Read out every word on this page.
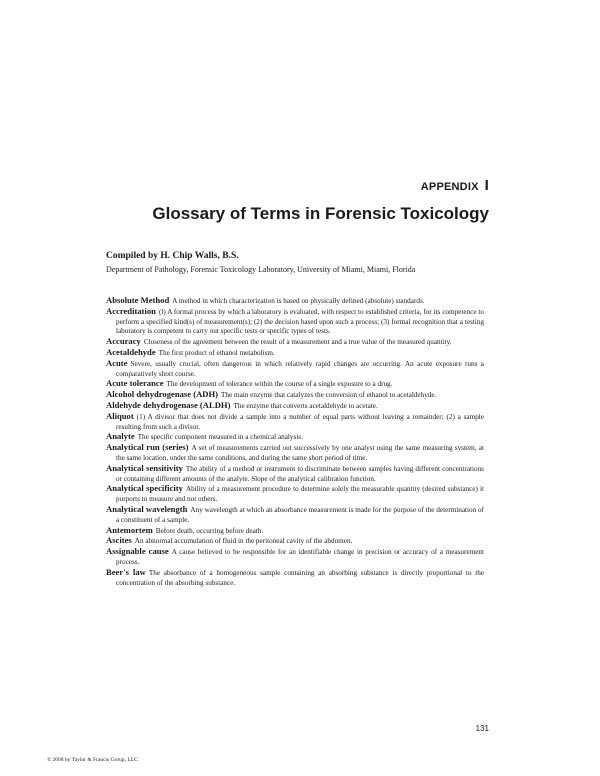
APPENDIX I
Glossary of Terms in Forensic Toxicology
Compiled by H. Chip Walls, B.S.
Department of Pathology, Forensic Toxicology Laboratory, University of Miami, Miami, Florida

Absolute Method A method in which characterization is based on physically defined (absolute) standards.

Accreditation (l) A formal process by which a laboratory is evaluated, with respect to established criteria, for its competence to perform a specified kind(s) of measurement(s); (2) the decision based upon such a process; (3) formal recognition that a testing laboratory is competent to carry out specific tests or specific types of tests.

Accuracy Closeness of the agreement between the result of a measurement and a true value of the measured quantity.

Acetaldehyde The first product of ethanol metabolism.

Acute Severe, usually crucial, often dangerous in which relatively rapid changes are occurring. An acute exposure runs a comparatively short course.

Acute tolerance The development of tolerance within the course of a single exposure to a drug.

Alcohol dehydrogenase (ADH) The main enzyme that catalyzes the conversion of ethanol to acetaldehyde.

Aldehyde dehydrogenase (ALDH) The enzyme that converts acetaldehyde to acetate.

Aliquot (1) A divisor that does not divide a sample into a number of equal parts without leaving a remainder; (2) a sample resulting from such a divisor.

Analyte The specific component measured in a chemical analysis.

Analytical run (series) A set of measurements carried out successively by one analyst using the same measuring system, at the same location, under the same conditions, and during the same short period of time.

Analytical sensitivity The ability of a method or instrument to discriminate between samples having different concentrations or containing different amounts of the analyte. Slope of the analytical calibration function.

Analytical specificity Ability of a measurement procedure to determine solely the measurable quantity (desired substance) it purports to measure and not others.

Analytical wavelength Any wavelength at which an absorbance measurement is made for the purpose of the determination of a constituent of a sample.

Antemortem Before death, occurring before death.

Ascites An abnormal accumulation of fluid in the peritoneal cavity of the abdomen.

Assignable cause A cause believed to be responsible for an identifiable change in precision or accuracy of a measurement process.

Beer's law The absorbance of a homogeneous sample containing an absorbing substance is directly proportional to the concentration of the absorbing substance.

131
© 2008 by Taylor & Francis Group, LLC
